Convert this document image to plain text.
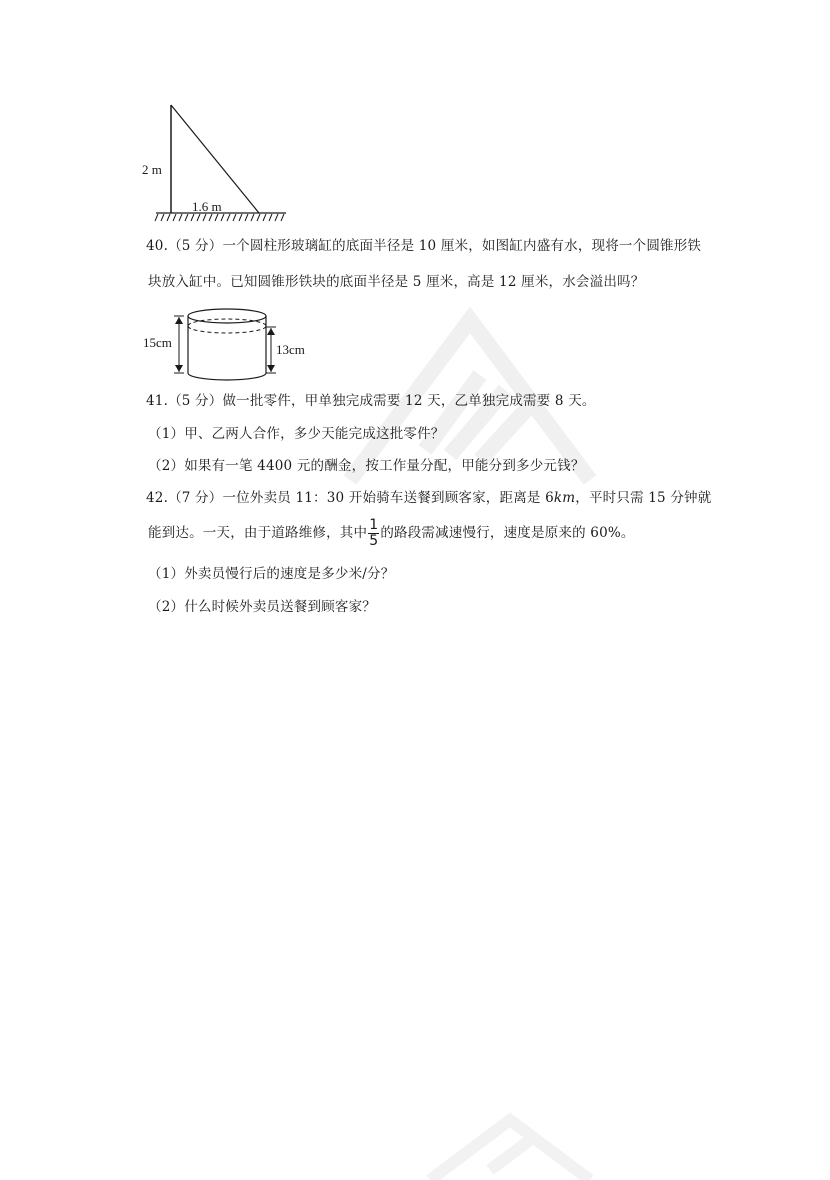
2 m
1.6 m
40.（5 分）一个圆柱形玻璃缸的底面半径是 10 厘米，如图缸内盛有水，现将一个圆锥形铁
块放入缸中。已知圆锥形铁块的底面半径是 5 厘米，高是 12 厘米，水会溢出吗？
15cm	13cm
41.（5 分）做一批零件，甲单独完成需要 12 天，乙单独完成需要 8 天。
（1）甲、乙两人合作，多少天能完成这批零件？
（2）如果有一笔 4400 元的酬金，按工作量分配，甲能分到多少元钱？
42.（7 分）一位外卖员 11：30 开始骑车送餐到顾客家，距离是 6km，平时只需 15 分钟就
能到达。一天，由于道路维修，其中 $\frac{1}{5}$ 的路段需减速慢行，速度是原来的 60%。
（1）外卖员慢行后的速度是多少米/分？
（2）什么时候外卖员送餐到顾客家？
